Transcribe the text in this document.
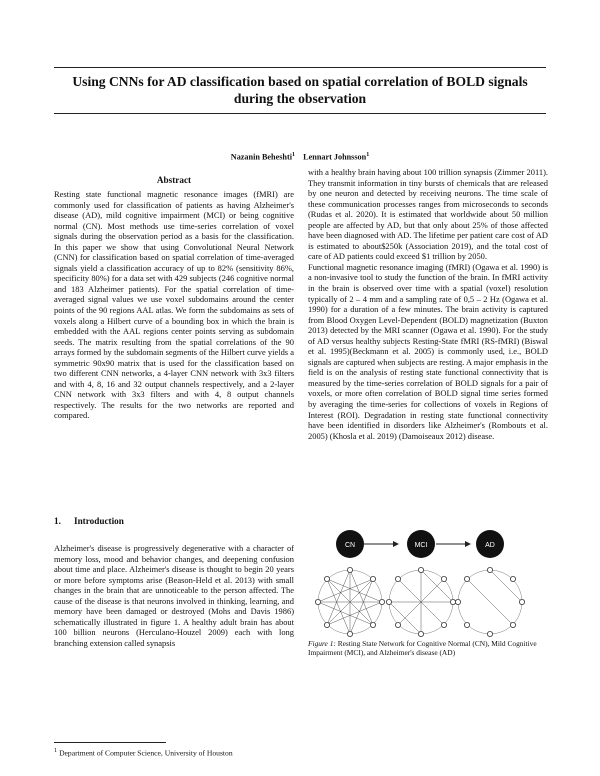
Using CNNs for AD classification based on spatial correlation of BOLD signals during the observation
Nazanin Beheshti$^1$ Lennart Johnsson$^1$
Abstract

Resting state functional magnetic resonance images (fMRI) are commonly used for classification of patients as having Alzheimer's disease (AD), mild cognitive impairment (MCI) or being cognitive normal (CN). Most methods use time-series correlation of voxel signals during the observation period as a basis for the classification. In this paper we show that using Convolutional Neural Network (CNN) for classification based on spatial correlation of time-averaged signals yield a classification accuracy of up to 82% (sensitivity 86%, specificity 80%) for a data set with 429 subjects (246 cognitive normal and 183 Alzheimer patients). For the spatial correlation of time-averaged signal values we use voxel subdomains around the center points of the 90 regions AAL atlas. We form the subdomains as sets of voxels along a Hilbert curve of a bounding box in which the brain is embedded with the AAL regions center points serving as subdomain seeds. The matrix resulting from the spatial correlations of the 90 arrays formed by the subdomain segments of the Hilbert curve yields a symmetric 90x90 matrix that is used for the classification based on two different CNN networks, a 4-layer CNN network with 3x3 filters and with 4, 8, 16 and 32 output channels respectively, and a 2-layer CNN network with 3x3 filters and with 4, 8 output channels respectively. The results for the two networks are reported and compared.

1. Introduction

Alzheimer's disease is progressively degenerative with a character of memory loss, mood and behavior changes, and deepening confusion about time and place. Alzheimer's disease is thought to begin 20 years or more before symptoms arise (Beason-Held et al. 2013) with small changes in the brain that are unnoticeable to the person affected. The cause of the disease is that neurons involved in thinking, learning, and memory have been damaged or destroyed (Mohs and Davis 1986) schematically illustrated in figure 1. A healthy adult brain has about 100 billion neurons (Herculano-Houzel 2009) each with long branching extension called synapsis

with a healthy brain having about 100 trillion synapsis (Zimmer 2011). They transmit information in tiny bursts of chemicals that are released by one neuron and detected by receiving neurons. The time scale of these communication processes ranges from microseconds to seconds (Rudas et al. 2020). It is estimated that worldwide about 50 million people are affected by AD, but that only about 25% of those affected have been diagnosed with AD. The lifetime per patient care cost of AD is estimated to about$250k (Association 2019), and the total cost of care of AD patients could exceed $1 trillion by 2050.

Functional magnetic resonance imaging (fMRI) (Ogawa et al. 1990) is a non-invasive tool to study the function of the brain. In fMRI activity in the brain is observed over time with a spatial (voxel) resolution typically of 2 – 4 mm and a sampling rate of 0,5 – 2 Hz (Ogawa et al. 1990) for a duration of a few minutes. The brain activity is captured from Blood Oxygen Level-Dependent (BOLD) magnetization (Buxton 2013) detected by the MRI scanner (Ogawa et al. 1990). For the study of AD versus healthy subjects Resting-State fMRI (RS-fMRI) (Biswal et al. 1995)(Beckmann et al. 2005) is commonly used, i.e., BOLD signals are captured when subjects are resting. A major emphasis in the field is on the analysis of resting state functional connectivity that is measured by the time-series correlation of BOLD signals for a pair of voxels, or more often correlation of BOLD signal time series formed by averaging the time-series for collections of voxels in Regions of Interest (ROI). Degradation in resting state functional connectivity have been identified in disorders like Alzheimer's (Rombouts et al. 2005) (Khosla et al. 2019) (Damoiseaux 2012) disease.

CN	MCI	AD
Figure 1: Resting State Network for Cognitive Normal (CN), Mild Cognitive Impairment (MCI), and Alzheimer's disease (AD)
$^1$ Department of Computer Science, University of Houston
